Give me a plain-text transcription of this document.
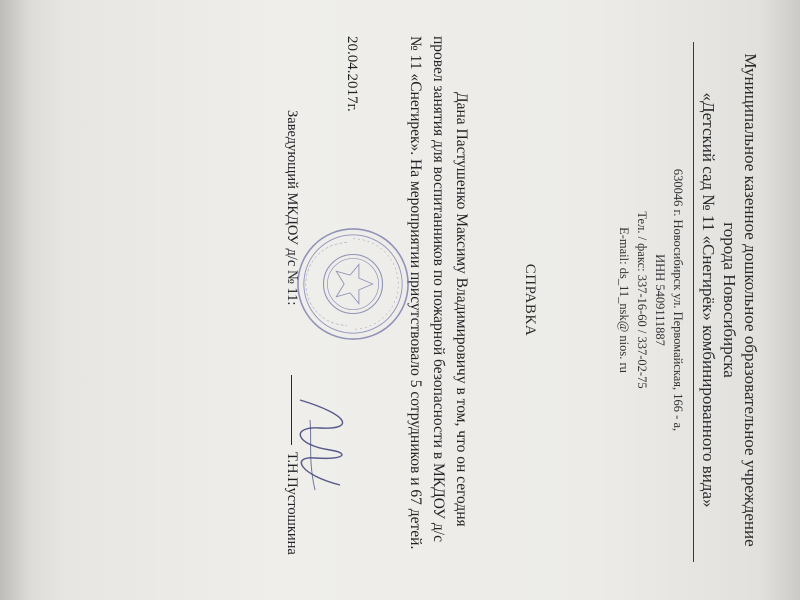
Муниципальное казенное дошкольное образовательное учреждение
города Новосибирска
«Детский сад № 11 «Снегирёк» комбинированного вида»
630046 г. Новосибирск ул. Первомайская, 166 - а,
ИНН 5409111887
Тел. / факс: 337-16-60 / 337-02-75
E-mail: ds_11_nsk@ nios. ru
СПРАВКА
Дана Пастушенко Максиму Владимировичу в том, что он сегодня
провел занятия для воспитанников по пожарной безопасности в МКДОУ д/с
№ 11 «Снегирек». На мероприятии присутствовало 5 сотрудников и 67 детей.
20.04.2017г.
Заведующий МКДОУ д/с № 11:
Т.Н.Пустошкина
